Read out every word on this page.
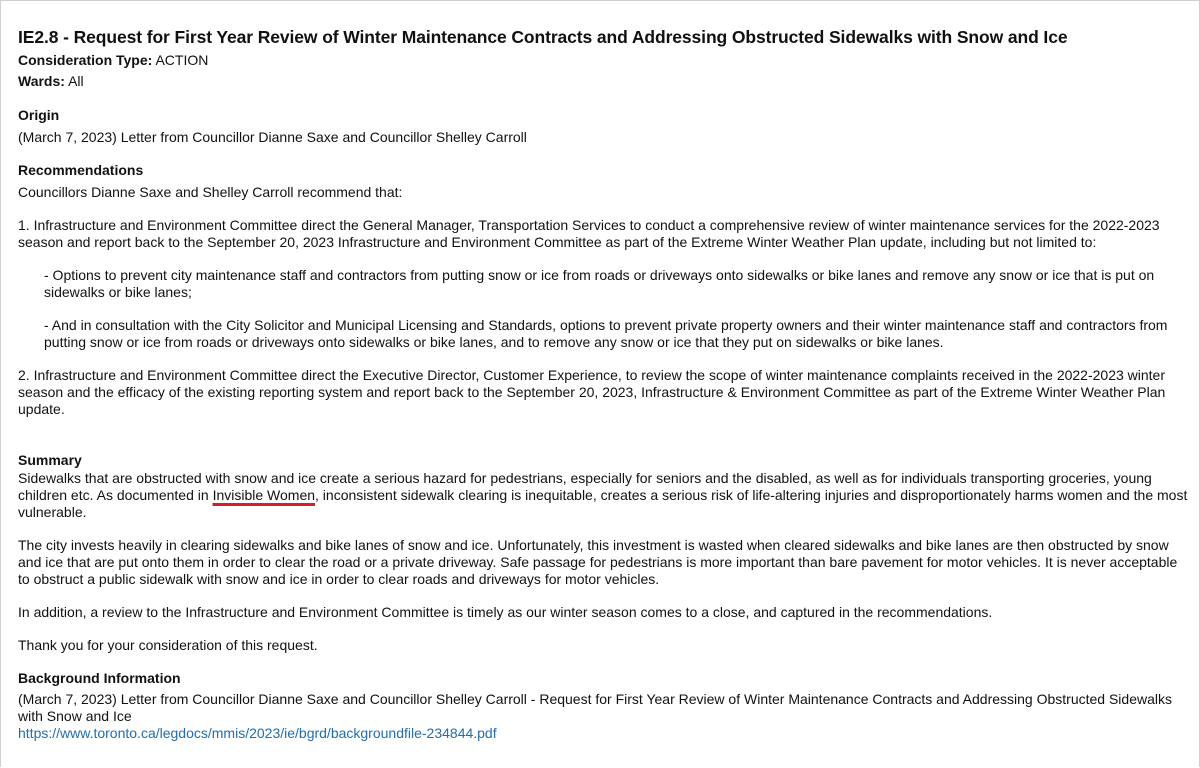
IE2.8 - Request for First Year Review of Winter Maintenance Contracts and Addressing Obstructed Sidewalks with Snow and Ice

Consideration Type: ACTION

Wards: All

Origin

(March 7, 2023) Letter from Councillor Dianne Saxe and Councillor Shelley Carroll

Recommendations

Councillors Dianne Saxe and Shelley Carroll recommend that:

1. Infrastructure and Environment Committee direct the General Manager, Transportation Services to conduct a comprehensive review of winter maintenance services for the 2022-2023 season and report back to the September 20, 2023 Infrastructure and Environment Committee as part of the Extreme Winter Weather Plan update, including but not limited to:

- Options to prevent city maintenance staff and contractors from putting snow or ice from roads or driveways onto sidewalks or bike lanes and remove any snow or ice that is put on sidewalks or bike lanes;

- And in consultation with the City Solicitor and Municipal Licensing and Standards, options to prevent private property owners and their winter maintenance staff and contractors from putting snow or ice from roads or driveways onto sidewalks or bike lanes, and to remove any snow or ice that they put on sidewalks or bike lanes.

2. Infrastructure and Environment Committee direct the Executive Director, Customer Experience, to review the scope of winter maintenance complaints received in the 2022-2023 winter season and the efficacy of the existing reporting system and report back to the September 20, 2023, Infrastructure & Environment Committee as part of the Extreme Winter Weather Plan update.

Summary

Sidewalks that are obstructed with snow and ice create a serious hazard for pedestrians, especially for seniors and the disabled, as well as for individuals transporting groceries, young children etc. As documented in Invisible Women, inconsistent sidewalk clearing is inequitable, creates a serious risk of life-altering injuries and disproportionately harms women and the most vulnerable.

The city invests heavily in clearing sidewalks and bike lanes of snow and ice. Unfortunately, this investment is wasted when cleared sidewalks and bike lanes are then obstructed by snow and ice that are put onto them in order to clear the road or a private driveway. Safe passage for pedestrians is more important than bare pavement for motor vehicles. It is never acceptable to obstruct a public sidewalk with snow and ice in order to clear roads and driveways for motor vehicles.

In addition, a review to the Infrastructure and Environment Committee is timely as our winter season comes to a close, and captured in the recommendations.

Thank you for your consideration of this request.

Background Information

(March 7, 2023) Letter from Councillor Dianne Saxe and Councillor Shelley Carroll - Request for First Year Review of Winter Maintenance Contracts and Addressing Obstructed Sidewalks with Snow and Ice

https://www.toronto.ca/legdocs/mmis/2023/ie/bgrd/backgroundfile-234844.pdf
